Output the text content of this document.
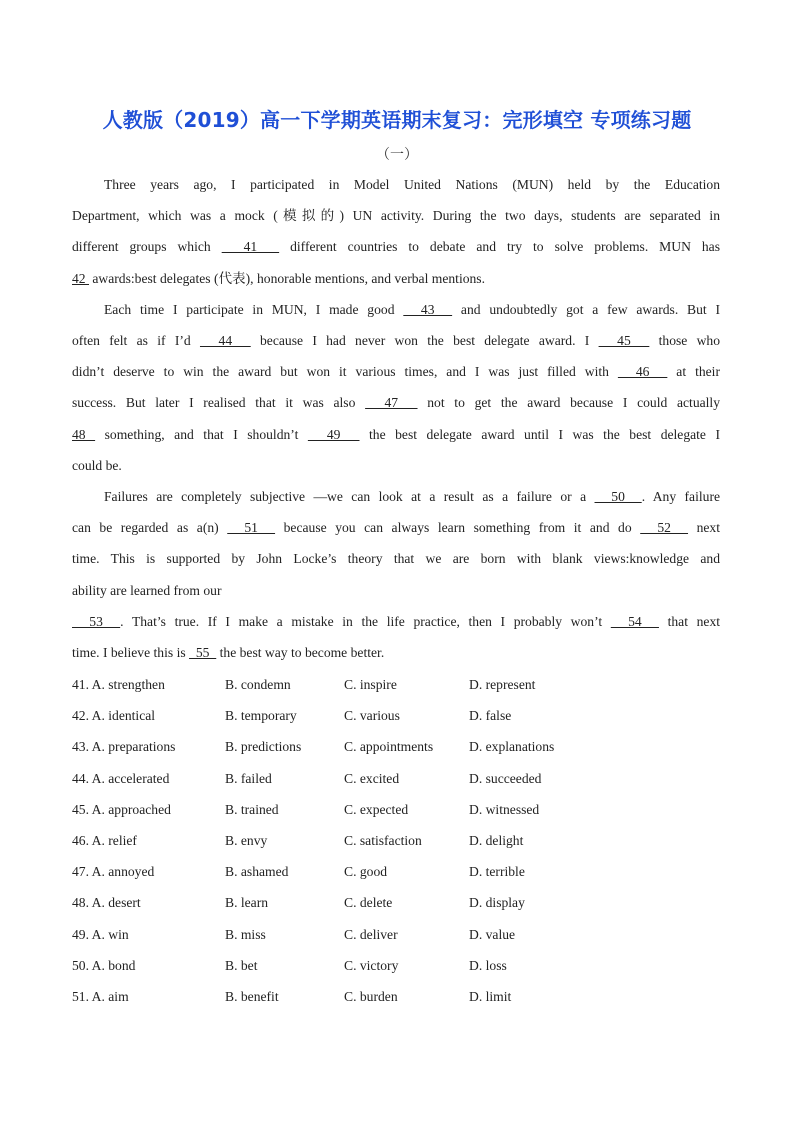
人教版（2019）高一下学期英语期末复习：完形填空 专项练习题
（一）
Three years ago, I participated in Model United Nations (MUN) held by the Education
Department, which was a mock (模拟的) UN activity. During the two days, students are separated in
different groups which   41   different countries to debate and try to solve problems. MUN has
42  awards:best delegates (代表), honorable mentions, and verbal mentions.
Each time I participate in MUN, I made good   43   and undoubtedly got a few awards. But I
often felt as if I’d   44   because I had never won the best delegate award. I   45   those who
didn’t deserve to win the award but won it various times, and I was just filled with   46   at their
success. But later I realised that it was also   47   not to get the award because I could actually
48  something, and that I shouldn’t   49   the best delegate award until I was the best delegate I
could be.
Failures are completely subjective —we can look at a result as a failure or a   50  . Any failure
can be regarded as a(n)   51   because you can always learn something from it and do   52   next
time. This is supported by John Locke’s theory that we are born with blank views:knowledge and
ability are learned from our
53  . That’s true. If I make a mistake in the life practice, then I probably won’t   54   that next
time. I believe this is   55   the best way to become better.
41. A. strengthen	B. condemn	C. inspire	D. represent
42. A. identical	B. temporary	C. various	D. false
43. A. preparations	B. predictions	C. appointments	D. explanations
44. A. accelerated	B. failed	C. excited	D. succeeded
45. A. approached	B. trained	C. expected	D. witnessed
46. A. relief	B. envy	C. satisfaction	D. delight
47. A. annoyed	B. ashamed	C. good	D. terrible
48. A. desert	B. learn	C. delete	D. display
49. A. win	B. miss	C. deliver	D. value
50. A. bond	B. bet	C. victory	D. loss
51. A. aim	B. benefit	C. burden	D. limit
